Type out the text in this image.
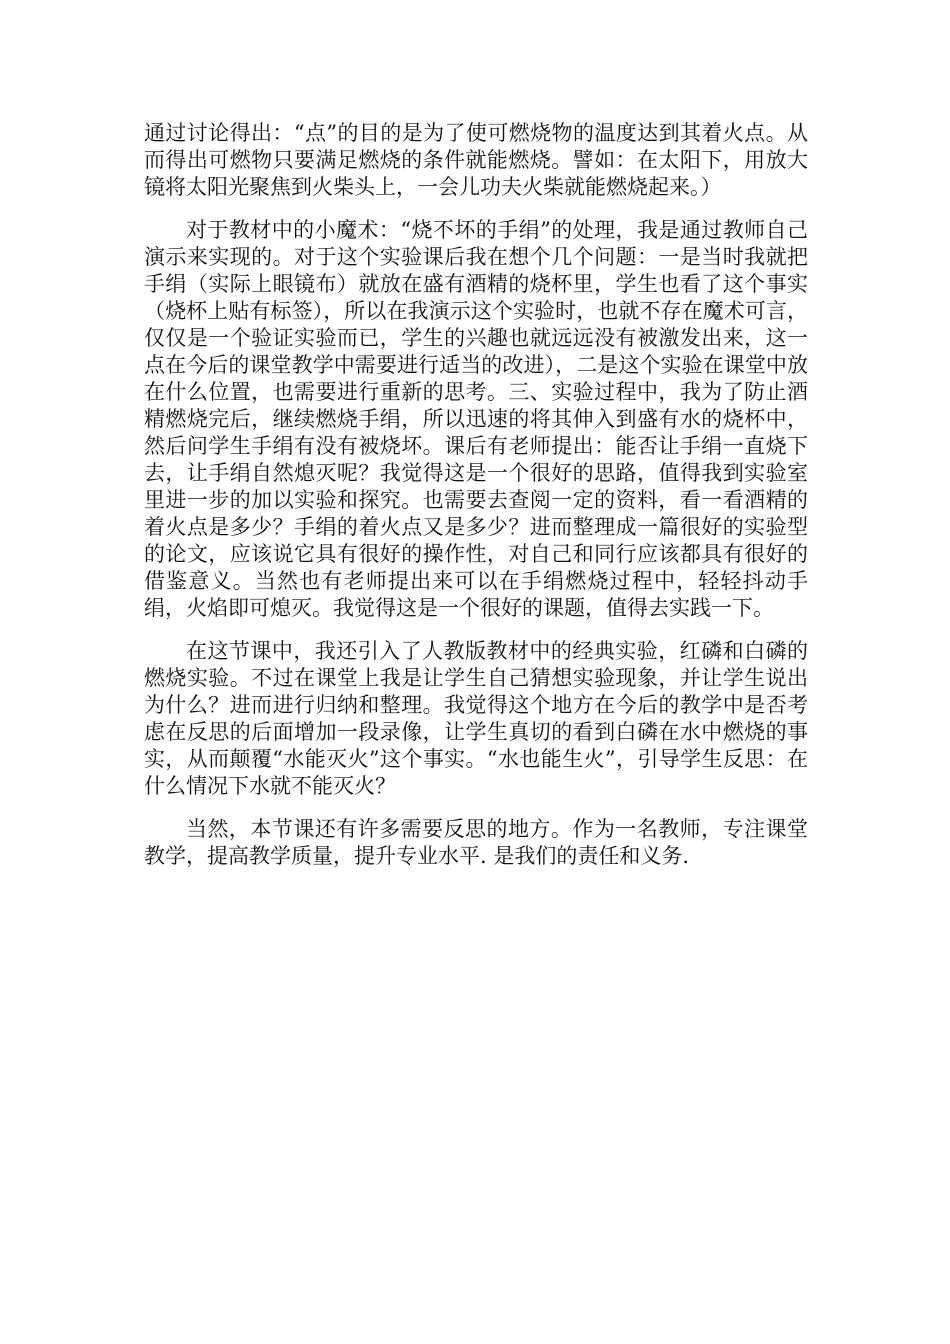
通过讨论得出：“点”的目的是为了使可燃烧物的温度达到其着火点。从而得出可燃物只要满足燃烧的条件就能燃烧。譬如：在太阳下，用放大镜将太阳光聚焦到火柴头上，一会儿功夫火柴就能燃烧起来。）

对于教材中的小魔术：“烧不坏的手绢”的处理，我是通过教师自己演示来实现的。对于这个实验课后我在想个几个问题：一是当时我就把手绢（实际上眼镜布）就放在盛有酒精的烧杯里，学生也看了这个事实（烧杯上贴有标签），所以在我演示这个实验时，也就不存在魔术可言，仅仅是一个验证实验而已，学生的兴趣也就远远没有被激发出来，这一点在今后的课堂教学中需要进行适当的改进），二是这个实验在课堂中放在什么位置，也需要进行重新的思考。三、实验过程中，我为了防止酒精燃烧完后，继续燃烧手绢，所以迅速的将其伸入到盛有水的烧杯中，然后问学生手绢有没有被烧坏。课后有老师提出：能否让手绢一直烧下去，让手绢自然熄灭呢？我觉得这是一个很好的思路，值得我到实验室里进一步的加以实验和探究。也需要去查阅一定的资料，看一看酒精的着火点是多少？手绢的着火点又是多少？进而整理成一篇很好的实验型的论文，应该说它具有很好的操作性，对自己和同行应该都具有很好的借鉴意义。当然也有老师提出来可以在手绢燃烧过程中，轻轻抖动手绢，火焰即可熄灭。我觉得这是一个很好的课题，值得去实践一下。

在这节课中，我还引入了人教版教材中的经典实验，红磷和白磷的燃烧实验。不过在课堂上我是让学生自己猜想实验现象，并让学生说出为什么？进而进行归纳和整理。我觉得这个地方在今后的教学中是否考虑在反思的后面增加一段录像，让学生真切的看到白磷在水中燃烧的事实，从而颠覆“水能灭火”这个事实。“水也能生火”，引导学生反思：在什么情况下水就不能灭火？

当然，本节课还有许多需要反思的地方。作为一名教师，专注课堂教学，提高教学质量，提升专业水平. 是我们的责任和义务.
